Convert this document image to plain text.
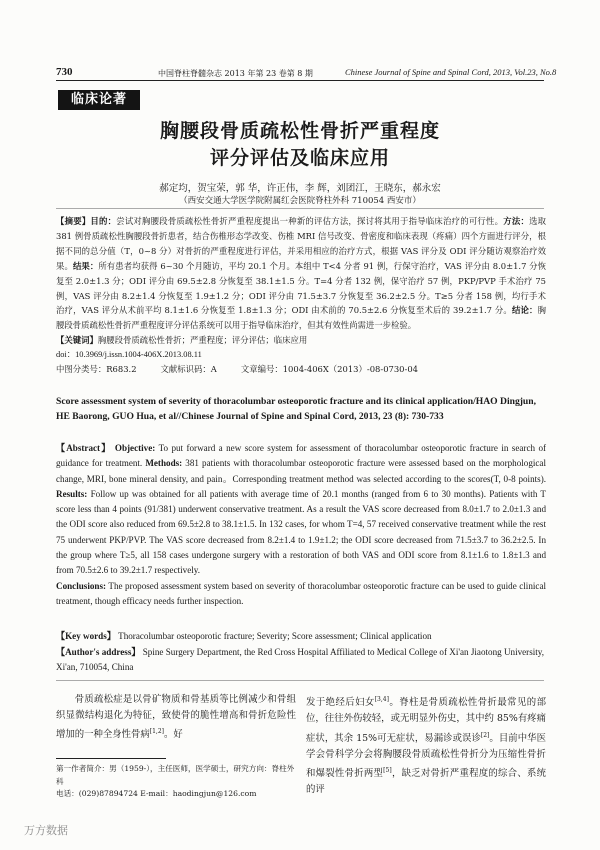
730	中国脊柱脊髓杂志 2013 年第 23 卷第 8 期	Chinese Journal of Spine and Spinal Cord, 2013, Vol.23, No.8
临床论著
胸腰段骨质疏松性骨折严重程度
评分评估及临床应用
郝定均，贺宝荣，郭 华，许正伟，李 辉，刘团江，王晓东，郝永宏
（西安交通大学医学院附属红会医院脊柱外科 710054 西安市）
【摘要】目的：尝试对胸腰段骨质疏松性骨折严重程度提出一种新的评估方法，探讨将其用于指导临床治疗的可行性。方法：选取 381 例骨质疏松性胸腰段骨折患者，结合伤椎形态学改变、伤椎 MRI 信号改变、骨密度和临床表现（疼痛）四个方面进行评分，根据不同的总分值（T，0~8 分）对骨折的严重程度进行评估，并采用相应的治疗方式，根据 VAS 评分及 ODI 评分随访观察治疗效果。结果：所有患者均获得 6~30 个月随访，平均 20.1 个月。本组中 T<4 分者 91 例，行保守治疗，VAS 评分由 8.0±1.7 分恢复至 2.0±1.3 分；ODI 评分由 69.5±2.8 分恢复至 38.1±1.5 分。T=4 分者 132 例，保守治疗 57 例，PKP/PVP 手术治疗 75 例，VAS 评分由 8.2±1.4 分恢复至 1.9±1.2 分；ODI 评分由 71.5±3.7 分恢复至 36.2±2.5 分。T≥5 分者 158 例，均行手术治疗，VAS 评分从术前平均 8.1±1.6 分恢复至 1.8±1.3 分；ODI 由术前的 70.5±2.6 分恢复至术后的 39.2±1.7 分。结论：胸腰段骨质疏松性骨折严重程度评分评估系统可以用于指导临床治疗，但其有效性尚需进一步检验。
【关键词】胸腰段骨质疏松性骨折；严重程度；评分评估；临床应用
doi：10.3969/j.issn.1004-406X.2013.08.11
中图分类号：R683.2	文献标识码：A	文章编号：1004-406X（2013）-08-0730-04
Score assessment system of severity of thoracolumbar osteoporotic fracture and its clinical application/HAO Dingjun, HE Baorong, GUO Hua, et al//Chinese Journal of Spine and Spinal Cord, 2013, 23 (8): 730-733
【Abstract】 Objective: To put forward a new score system for assessment of thoracolumbar osteoporotic fracture in search of guidance for treatment. Methods: 381 patients with thoracolumbar osteoporotic fracture were assessed based on the morphological change, MRI, bone mineral density, and pain。Corresponding treatment method was selected according to the scores(T, 0-8 points). Results: Follow up was obtained for all patients with average time of 20.1 months (ranged from 6 to 30 months). Patients with T score less than 4 points (91/381) underwent conservative treatment. As a result the VAS score decreased from 8.0±1.7 to 2.0±1.3 and the ODI score also reduced from 69.5±2.8 to 38.1±1.5. In 132 cases, for whom T=4, 57 received conservative treatment while the rest 75 underwent PKP/PVP. The VAS score decreased from 8.2±1.4 to 1.9±1.2; the ODI score decreased from 71.5±3.7 to 36.2±2.5. In the group where T≥5, all 158 cases undergone surgery with a restoration of both VAS and ODI score from 8.1±1.6 to 1.8±1.3 and from 70.5±2.6 to 39.2±1.7 respectively.
Conclusions: The proposed assessment system based on severity of thoracolumbar osteoporotic fracture can be used to guide clinical treatment, though efficacy needs further inspection.
【Key words】 Thoracolumbar osteoporotic fracture; Severity; Score assessment; Clinical application
【Author's address】 Spine Surgery Department, the Red Cross Hospital Affiliated to Medical College of Xi'an Jiaotong University, Xi'an, 710054, China
骨质疏松症是以骨矿物质和骨基质等比例减少和骨组织显微结构退化为特征，致使骨的脆性增高和骨折危险性增加的一种全身性骨病[1,2]。好
发于绝经后妇女[3,4]。脊柱是骨质疏松性骨折最常见的部位，往往外伤较轻，或无明显外伤史，其中约 85%有疼痛症状，其余 15%可无症状，易漏诊或误诊[2]。目前中华医学会骨科学分会将胸腰段骨质疏松性骨折分为压缩性骨折和爆裂性骨折两型[5]，缺乏对骨折严重程度的综合、系统的评
第一作者简介：男（1959-），主任医师，医学硕士，研究方向：脊柱外科
电话：(029)87894724 E-mail：haodingjun@126.com
万方数据
